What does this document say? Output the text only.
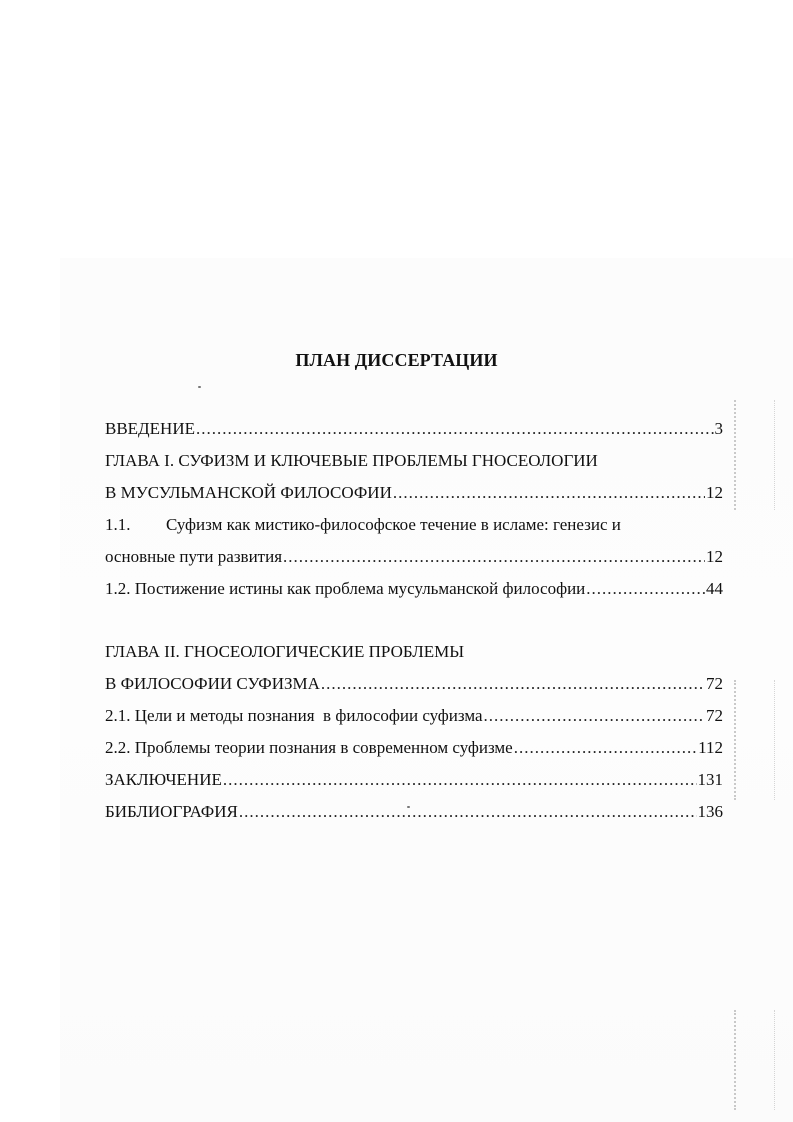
ПЛАН ДИССЕРТАЦИИ
ВВЕДЕНИЕ .....	3
ГЛАВА I. СУФИЗМ И КЛЮЧЕВЫЕ ПРОБЛЕМЫ ГНОСЕОЛОГИИ
В МУСУЛЬМАНСКОЙ ФИЛОСОФИИ .....	12
1.1. Суфизм как мистико-философское течение в исламе: генезис и
основные пути развития .....	12
1.2. Постижение истины как проблема мусульманской философии .....	44
ГЛАВА II. ГНОСЕОЛОГИЧЕСКИЕ ПРОБЛЕМЫ
В ФИЛОСОФИИ СУФИЗМА .....	72
2.1. Цели и методы познания  в философии суфизма .....	72
2.2. Проблемы теории познания в современном суфизме .....	112
ЗАКЛЮЧЕНИЕ .....	131
БИБЛИОГРАФИЯ .....	136
